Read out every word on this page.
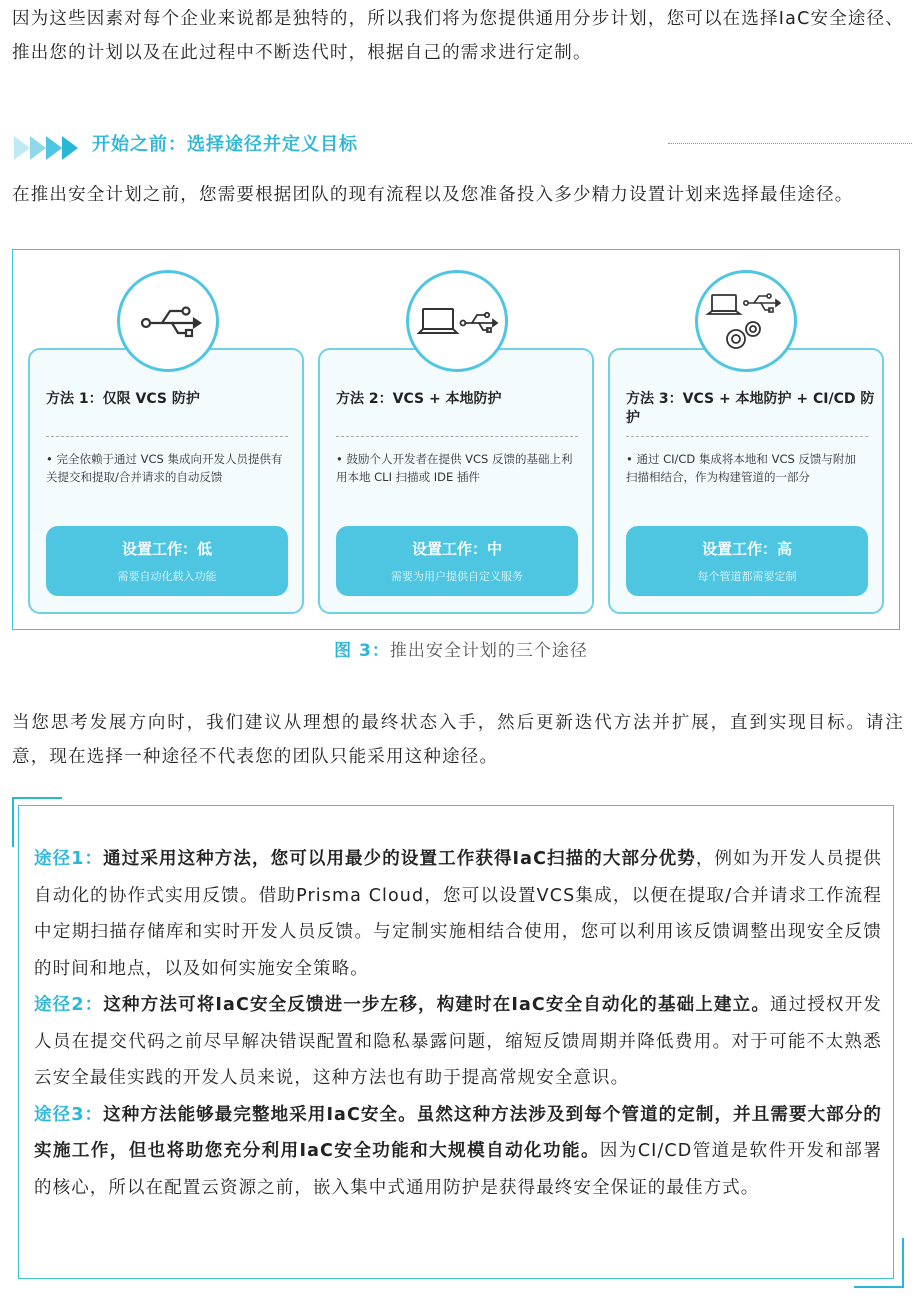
因为这些因素对每个企业来说都是独特的，所以我们将为您提供通用分步计划，您可以在选择IaC安全途径、推出您的计划以及在此过程中不断迭代时，根据自己的需求进行定制。
开始之前：选择途径并定义目标
在推出安全计划之前，您需要根据团队的现有流程以及您准备投入多少精力设置计划来选择最佳途径。
方法 1：仅限 VCS 防护
• 完全依赖于通过 VCS 集成向开发人员提供有关提交和提取/合并请求的自动反馈
设置工作：低
需要自动化载入功能
方法 2：VCS + 本地防护
• 鼓励个人开发者在提供 VCS 反馈的基础上利用本地 CLI 扫描或 IDE 插件
设置工作：中
需要为用户提供自定义服务
方法 3：VCS + 本地防护 + CI/CD 防护
• 通过 CI/CD 集成将本地和 VCS 反馈与附加扫描相结合，作为构建管道的一部分
设置工作：高
每个管道都需要定制
图 3：推出安全计划的三个途径
当您思考发展方向时，我们建议从理想的最终状态入手，然后更新迭代方法并扩展，直到实现目标。请注意，现在选择一种途径不代表您的团队只能采用这种途径。
途径1：通过采用这种方法，您可以用最少的设置工作获得IaC扫描的大部分优势，例如为开发人员提供自动化的协作式实用反馈。借助Prisma Cloud，您可以设置VCS集成，以便在提取/合并请求工作流程中定期扫描存储库和实时开发人员反馈。与定制实施相结合使用，您可以利用该反馈调整出现安全反馈的时间和地点，以及如何实施安全策略。
途径2：这种方法可将IaC安全反馈进一步左移，构建时在IaC安全自动化的基础上建立。通过授权开发人员在提交代码之前尽早解决错误配置和隐私暴露问题，缩短反馈周期并降低费用。对于可能不太熟悉云安全最佳实践的开发人员来说，这种方法也有助于提高常规安全意识。
途径3：这种方法能够最完整地采用IaC安全。虽然这种方法涉及到每个管道的定制，并且需要大部分的实施工作，但也将助您充分利用IaC安全功能和大规模自动化功能。因为CI/CD管道是软件开发和部署的核心，所以在配置云资源之前，嵌入集中式通用防护是获得最终安全保证的最佳方式。
